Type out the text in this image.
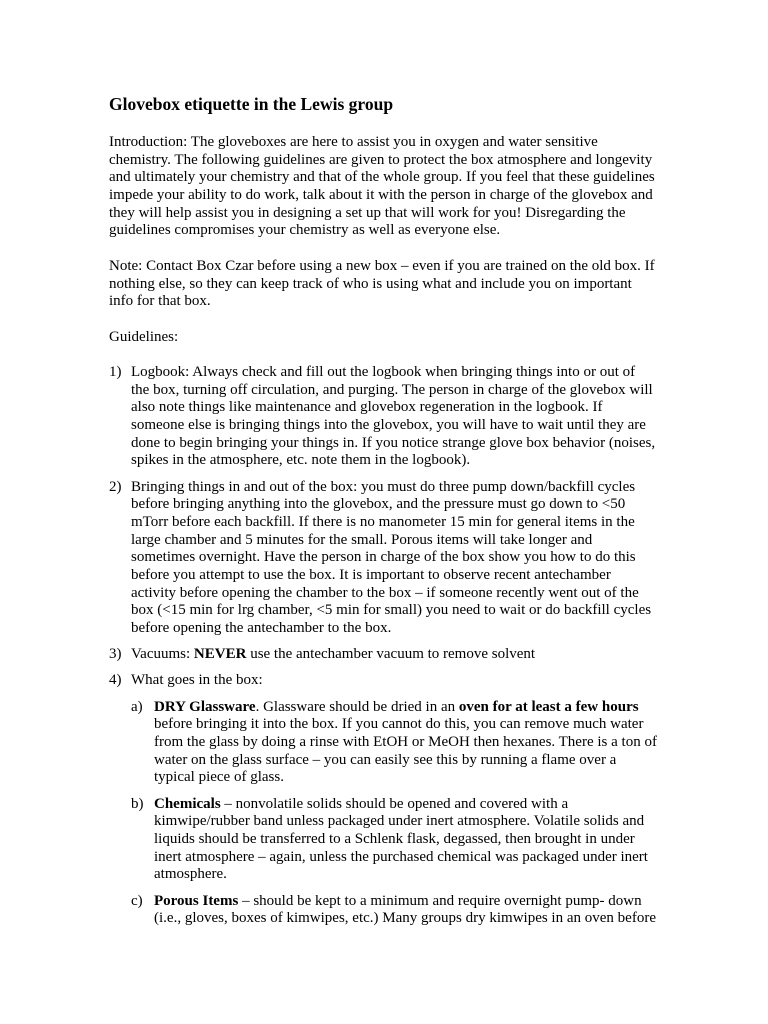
Glovebox etiquette in the Lewis group
Introduction: The gloveboxes are here to assist you in oxygen and water sensitive
chemistry. The following guidelines are given to protect the box atmosphere and longevity
and ultimately your chemistry and that of the whole group. If you feel that these guidelines
impede your ability to do work, talk about it with the person in charge of the glovebox and
they will help assist you in designing a set up that will work for you! Disregarding the
guidelines compromises your chemistry as well as everyone else.
Note: Contact Box Czar before using a new box – even if you are trained on the old box. If
nothing else, so they can keep track of who is using what and include you on important
info for that box.
Guidelines:
1) Logbook: Always check and fill out the logbook when bringing things into or out of
the box, turning off circulation, and purging. The person in charge of the glovebox will
also note things like maintenance and glovebox regeneration in the logbook. If
someone else is bringing things into the glovebox, you will have to wait until they are
done to begin bringing your things in. If you notice strange glove box behavior (noises,
spikes in the atmosphere, etc. note them in the logbook).
2) Bringing things in and out of the box: you must do three pump down/backfill cycles
before bringing anything into the glovebox, and the pressure must go down to <50
mTorr before each backfill. If there is no manometer 15 min for general items in the
large chamber and 5 minutes for the small. Porous items will take longer and
sometimes overnight. Have the person in charge of the box show you how to do this
before you attempt to use the box. It is important to observe recent antechamber
activity before opening the chamber to the box – if someone recently went out of the
box (<15 min for lrg chamber, <5 min for small) you need to wait or do backfill cycles
before opening the antechamber to the box.
3) Vacuums: NEVER use the antechamber vacuum to remove solvent
4) What goes in the box:
a) DRY Glassware. Glassware should be dried in an oven for at least a few hours
before bringing it into the box. If you cannot do this, you can remove much water
from the glass by doing a rinse with EtOH or MeOH then hexanes. There is a ton of
water on the glass surface – you can easily see this by running a flame over a
typical piece of glass.
b) Chemicals – nonvolatile solids should be opened and covered with a
kimwipe/rubber band unless packaged under inert atmosphere. Volatile solids and
liquids should be transferred to a Schlenk flask, degassed, then brought in under
inert atmosphere – again, unless the purchased chemical was packaged under inert
atmosphere.
c) Porous Items – should be kept to a minimum and require overnight pump- down
(i.e., gloves, boxes of kimwipes, etc.) Many groups dry kimwipes in an oven before
